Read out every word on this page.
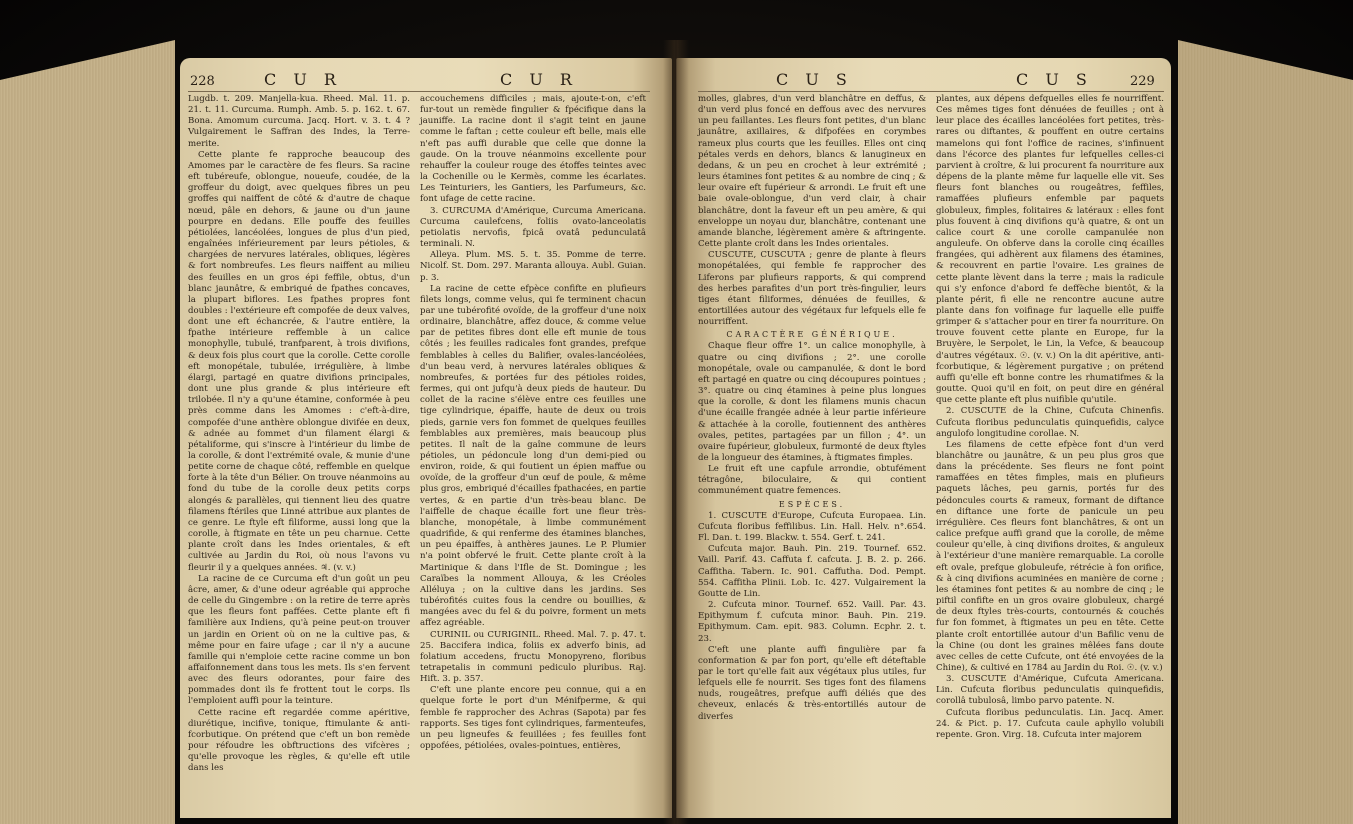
228	C U R	C U R

Lugdb. t. 209. Manjella-kua. Rheed. Mal. 11. p. 21. t. 11. Curcuma. Rumph. Amb. 5. p. 162. t. 67. Bona. Amomum curcuma. Jacq. Hort. v. 3. t. 4 ? Vulgairement le Saffran des Indes, la Terre-merite.

Cette plante fe rapproche beaucoup des Amomes par le caractère de fes fleurs. Sa racine eft tubéreufe, oblongue, noueufe, coudée, de la groffeur du doigt, avec quelques fibres un peu groffes qui naiffent de côté & d'autre de chaque nœud, pâle en dehors, & jaune ou d'un jaune pourpre en dedans. Elle pouffe des feuilles pétiolées, lancéolées, longues de plus d'un pied, engaînées inférieurement par leurs pétioles, & chargées de nervures latérales, obliques, légères & fort nombreufes. Les fleurs naiffent au milieu des feuilles en un gros épi feffile, obtus, d'un blanc jaunâtre, & embriqué de fpathes concaves, la plupart biflores. Les fpathes propres font doubles : l'extérieure eft compofée de deux valves, dont une eft échancrée, & l'autre entière, la fpathe intérieure reffemble à un calice monophylle, tubulé, tranfparent, à trois divifions, & deux fois plus court que la corolle. Cette corolle eft monopétale, tubulée, irrégulière, à limbe élargi, partagé en quatre divifions principales, dont une plus grande & plus intérieure eft trilobée. Il n'y a qu'une étamine, conformée à peu près comme dans les Amomes : c'eft-à-dire, compofée d'une anthère oblongue divifée en deux, & adnée au fommet d'un filament élargi & pétaliforme, qui s'inscre à l'intérieur du limbe de la corolle, & dont l'extrémité ovale, & munie d'une petite corne de chaque côté, reffemble en quelque forte à la tête d'un Bélier. On trouve néanmoins au fond du tube de la corolle deux petits corps alongés & parallèles, qui tiennent lieu des quatre filamens ftériles que Linné attribue aux plantes de ce genre. Le ftyle eft filiforme, aussi long que la corolle, à ftigmate en tête un peu charnue. Cette plante croît dans les Indes orientales, & eft cultivée au Jardin du Roi, où nous l'avons vu fleurir il y a quelques années. ♃. (v. v.)

La racine de ce Curcuma eft d'un goût un peu âcre, amer, & d'une odeur agréable qui approche de celle du Gingembre : on la retire de terre après que les fleurs font paffées. Cette plante eft fi familière aux Indiens, qu'à peine peut-on trouver un jardin en Orient où on ne la cultive pas, & même pour en faire ufage ; car il n'y a aucune famille qui n'emploie cette racine comme un bon affaifonnement dans tous les mets. Ils s'en fervent avec des fleurs odorantes, pour faire des pommades dont ils fe frottent tout le corps. Ils l'emploient auffi pour la teinture.

Cette racine eft regardée comme apéritive, diurétique, incifive, tonique, ftimulante & anti-fcorbutique. On prétend que c'eft un bon remède pour réfoudre les obftructions des vifcères ; qu'elle provoque les règles, & qu'elle eft utile dans les

accouchemens difficiles ; mais, ajoute-t-on, c'eft fur-tout un remède fingulier & fpécifique dans la jauniffe. La racine dont il s'agit teint en jaune comme le faftan ; cette couleur eft belle, mais elle n'eft pas auffi durable que celle que donne la gaude. On la trouve néanmoins excellente pour rehauffer la couleur rouge des étoffes teintes avec la Cochenille ou le Kermès, comme les écarlates. Les Teinturiers, les Gantiers, les Parfumeurs, &c. font ufage de cette racine.

3. CURCUMA d'Amérique, Curcuma Americana. Curcuma caulefcens, foliis ovato-lanceolatis petiolatis nervofis, fpicâ ovatâ pedunculatâ terminali. N.

Alleya. Plum. MS. 5. t. 35. Pomme de terre. Nicolf. St. Dom. 297. Maranta allouya. Aubl. Guian. p. 3.

La racine de cette efpèce confifte en plufieurs filets longs, comme velus, qui fe terminent chacun par une tubérofité ovoïde, de la groffeur d'une noix ordinaire, blanchâtre, affez douce, & comme velue par de petites fibres dont elle eft munie de tous côtés ; les feuilles radicales font grandes, prefque femblables à celles du Balifier, ovales-lancéolées, d'un beau verd, à nervures latérales obliques & nombreufes, & portées fur des pétioles roides, fermes, qui ont jufqu'à deux pieds de hauteur. Du collet de la racine s'élève entre ces feuilles une tige cylindrique, épaiffe, haute de deux ou trois pieds, garnie vers fon fommet de quelques feuilles femblables aux premières, mais beaucoup plus petites. Il naît de la gaîne commune de leurs pétioles, un pédoncule long d'un demi-pied ou environ, roide, & qui foutient un épien maffue ou ovoïde, de la groffeur d'un œuf de poule, & même plus gros, embriqué d'écailles fpathacées, en partie vertes, & en partie d'un très-beau blanc. De l'aiffelle de chaque écaille fort une fleur très-blanche, monopétale, à limbe communément quadrifide, & qui renferme des étamines blanches, un peu épaiffes, à anthères jaunes. Le P. Plumier n'a point obfervé le fruit. Cette plante croît à la Martinique & dans l'Ifle de St. Domingue ; les Caraïbes la nomment Allouya, & les Créoles Alléluya ; on la cultive dans les jardins. Ses tubérofités cuites fous la cendre ou bouillies, & mangées avec du fel & du poivre, forment un mets affez agréable.

CURINIL ou CURIGINIL. Rheed. Mal. 7. p. 47. t. 25. Baccifera indica, foliis ex adverfo binis, ad folatium accedens, fructu Monopyreno, floribus tetrapetalis in communi pediculo pluribus. Raj. Hift. 3. p. 357.

C'eft une plante encore peu connue, qui a en quelque forte le port d'un Ménifperme, & qui femble fe rapprocher des Achras (Sapota) par fes rapports. Ses tiges font cylindriques, farmenteufes, un peu ligneufes & feuillées ; fes feuilles font oppofées, pétiolées, ovales-pointues, entières,

C U S	C U S	229

molles, glabres, d'un verd blanchâtre en deffus, & d'un verd plus foncé en deffous avec des nervures un peu faillantes. Les fleurs font petites, d'un blanc jaunâtre, axillaires, & difpofées en corymbes rameux plus courts que les feuilles. Elles ont cinq pétales verds en dehors, blancs & lanugineux en dedans, & un peu en crochet à leur extrémité ; leurs étamines font petites & au nombre de cinq ; & leur ovaire eft fupérieur & arrondi. Le fruit eft une baie ovale-oblongue, d'un verd clair, à chair blanchâtre, dont la faveur eft un peu amère, & qui enveloppe un noyau dur, blanchâtre, contenant une amande blanche, légèrement amère & aftringente. Cette plante croît dans les Indes orientales.

CUSCUTE, CUSCUTA ; genre de plante à fleurs monopétalées, qui femble fe rapprocher des Liferons par plufieurs rapports, & qui comprend des herbes parafites d'un port très-fingulier, leurs tiges étant filiformes, dénuées de feuilles, & entortillées autour des végétaux fur lefquels elle fe nourriffent.

CARACTÈRE GÉNÉRIQUE.

Chaque fleur offre 1°. un calice monophylle, à quatre ou cinq divifions ; 2°. une corolle monopétale, ovale ou campanulée, & dont le bord eft partagé en quatre ou cinq découpures pointues ; 3°. quatre ou cinq étamines à peine plus longues que la corolle, & dont les filamens munis chacun d'une écaille frangée adnée à leur partie inférieure & attachée à la corolle, foutiennent des anthères ovales, petites, partagées par un fillon ; 4°. un ovaire fupérieur, globuleux, furmonté de deux ftyles de la longueur des étamines, à ftigmates fimples.

Le fruit eft une capfule arrondie, obtufément tétragône, biloculaire, & qui contient communément quatre femences.

ESPÈCES.

1. CUSCUTE d'Europe, Cufcuta Europaea. Lin. Cufcuta floribus feffilibus. Lin. Hall. Helv. n°.654. Fl. Dan. t. 199. Blackw. t. 554. Gerf. t. 241.

Cufcuta major. Bauh. Pin. 219. Tournef. 652. Vaill. Parif. 43. Caffuta f. cafcuta. J. B. 2. p. 266. Caffitha. Tabern. Ic. 901. Caffutha. Dod. Pempt. 554. Caffitha Plinii. Lob. Ic. 427. Vulgairement la Goutte de Lin.

2. Cufcuta minor. Tournef. 652. Vaill. Par. 43. Epithymum f. cufcuta minor. Bauh. Pin. 219. Epithymum. Cam. epit. 983. Column. Ecphr. 2. t. 23.

C'eft une plante auffi fingulière par fa conformation & par fon port, qu'elle eft déteftable par le tort qu'elle fait aux végétaux plus utiles, fur lefquels elle fe nourrit. Ses tiges font des filamens nuds, rougeâtres, prefque auffi déliés que des cheveux, enlacés & très-entortillés autour de diverfes

plantes, aux dépens defquelles elles fe nourriffent. Ces mêmes tiges font dénuées de feuilles ; ont à leur place des écailles lancéolées fort petites, très-rares ou diftantes, & pouffent en outre certains mamelons qui font l'office de racines, s'infinuent dans l'écorce des plantes fur lefquelles celles-ci parvient à croître, & lui procurent fa nourriture aux dépens de la plante même fur laquelle elle vit. Ses fleurs font blanches ou rougeâtres, feffiles, ramaffées plufieurs enfemble par paquets globuleux, fimples, folitaires & latéraux : elles font plus fouvent à cinq divifions qu'à quatre, & ont un calice court & une corolle campanulée non anguleufe. On obferve dans la corolle cinq écailles frangées, qui adhèrent aux filamens des étamines, & recouvrent en partie l'ovaire. Les graines de cette plante lèvent dans la terre ; mais la radicule qui s'y enfonce d'abord fe deffèche bientôt, & la plante périt, fi elle ne rencontre aucune autre plante dans fon voifinage fur laquelle elle puiffe grimper & s'attacher pour en tirer fa nourriture. On trouve fouvent cette plante en Europe, fur la Bruyère, le Serpolet, le Lin, la Vefce, & beaucoup d'autres végétaux. ☉. (v. v.) On la dit apéritive, anti-fcorbutique, & légèrement purgative ; on prétend auffi qu'elle eft bonne contre les rhumatifmes & la goutte. Quoi qu'il en foit, on peut dire en général que cette plante eft plus nuifible qu'utile.

2. CUSCUTE de la Chine, Cufcuta Chinenfis. Cufcuta floribus pedunculatis quinquefidis, calyce angulofo longitudine corollae. N.

Les filamens de cette efpèce font d'un verd blanchâtre ou jaunâtre, & un peu plus gros que dans la précédente. Ses fleurs ne font point ramaffées en têtes fimples, mais en plufieurs paquets lâches, peu garnis, portés fur des pédoncules courts & rameux, formant de diftance en diftance une forte de panicule un peu irrégulière. Ces fleurs font blanchâtres, & ont un calice prefque auffi grand que la corolle, de même couleur qu'elle, à cinq divifions droites, & anguleux à l'extérieur d'une manière remarquable. La corolle eft ovale, prefque globuleufe, rétrécie à fon orifice, & à cinq divifions acuminées en manière de corne ; les étamines font petites & au nombre de cinq ; le piftil confifte en un gros ovaire globuleux, chargé de deux ftyles très-courts, contournés & couchés fur fon fommet, à ftigmates un peu en tête. Cette plante croît entortillée autour d'un Bafilic venu de la Chine (ou dont les graines mêlées fans doute avec celles de cette Cufcute, ont été envoyées de la Chine), & cultivé en 1784 au Jardin du Roi. ☉. (v. v.)

3. CUSCUTE d'Amérique, Cufcuta Americana. Lin. Cufcuta floribus pedunculatis quinquefidis, corollâ tubulosâ, limbo parvo patente. N.

Cufcuta floribus pedunculatis. Lin. Jacq. Amer. 24. & Pict. p. 17. Cufcuta caule aphyllo volubili repente. Gron. Virg. 18. Cufcuta inter majorem
